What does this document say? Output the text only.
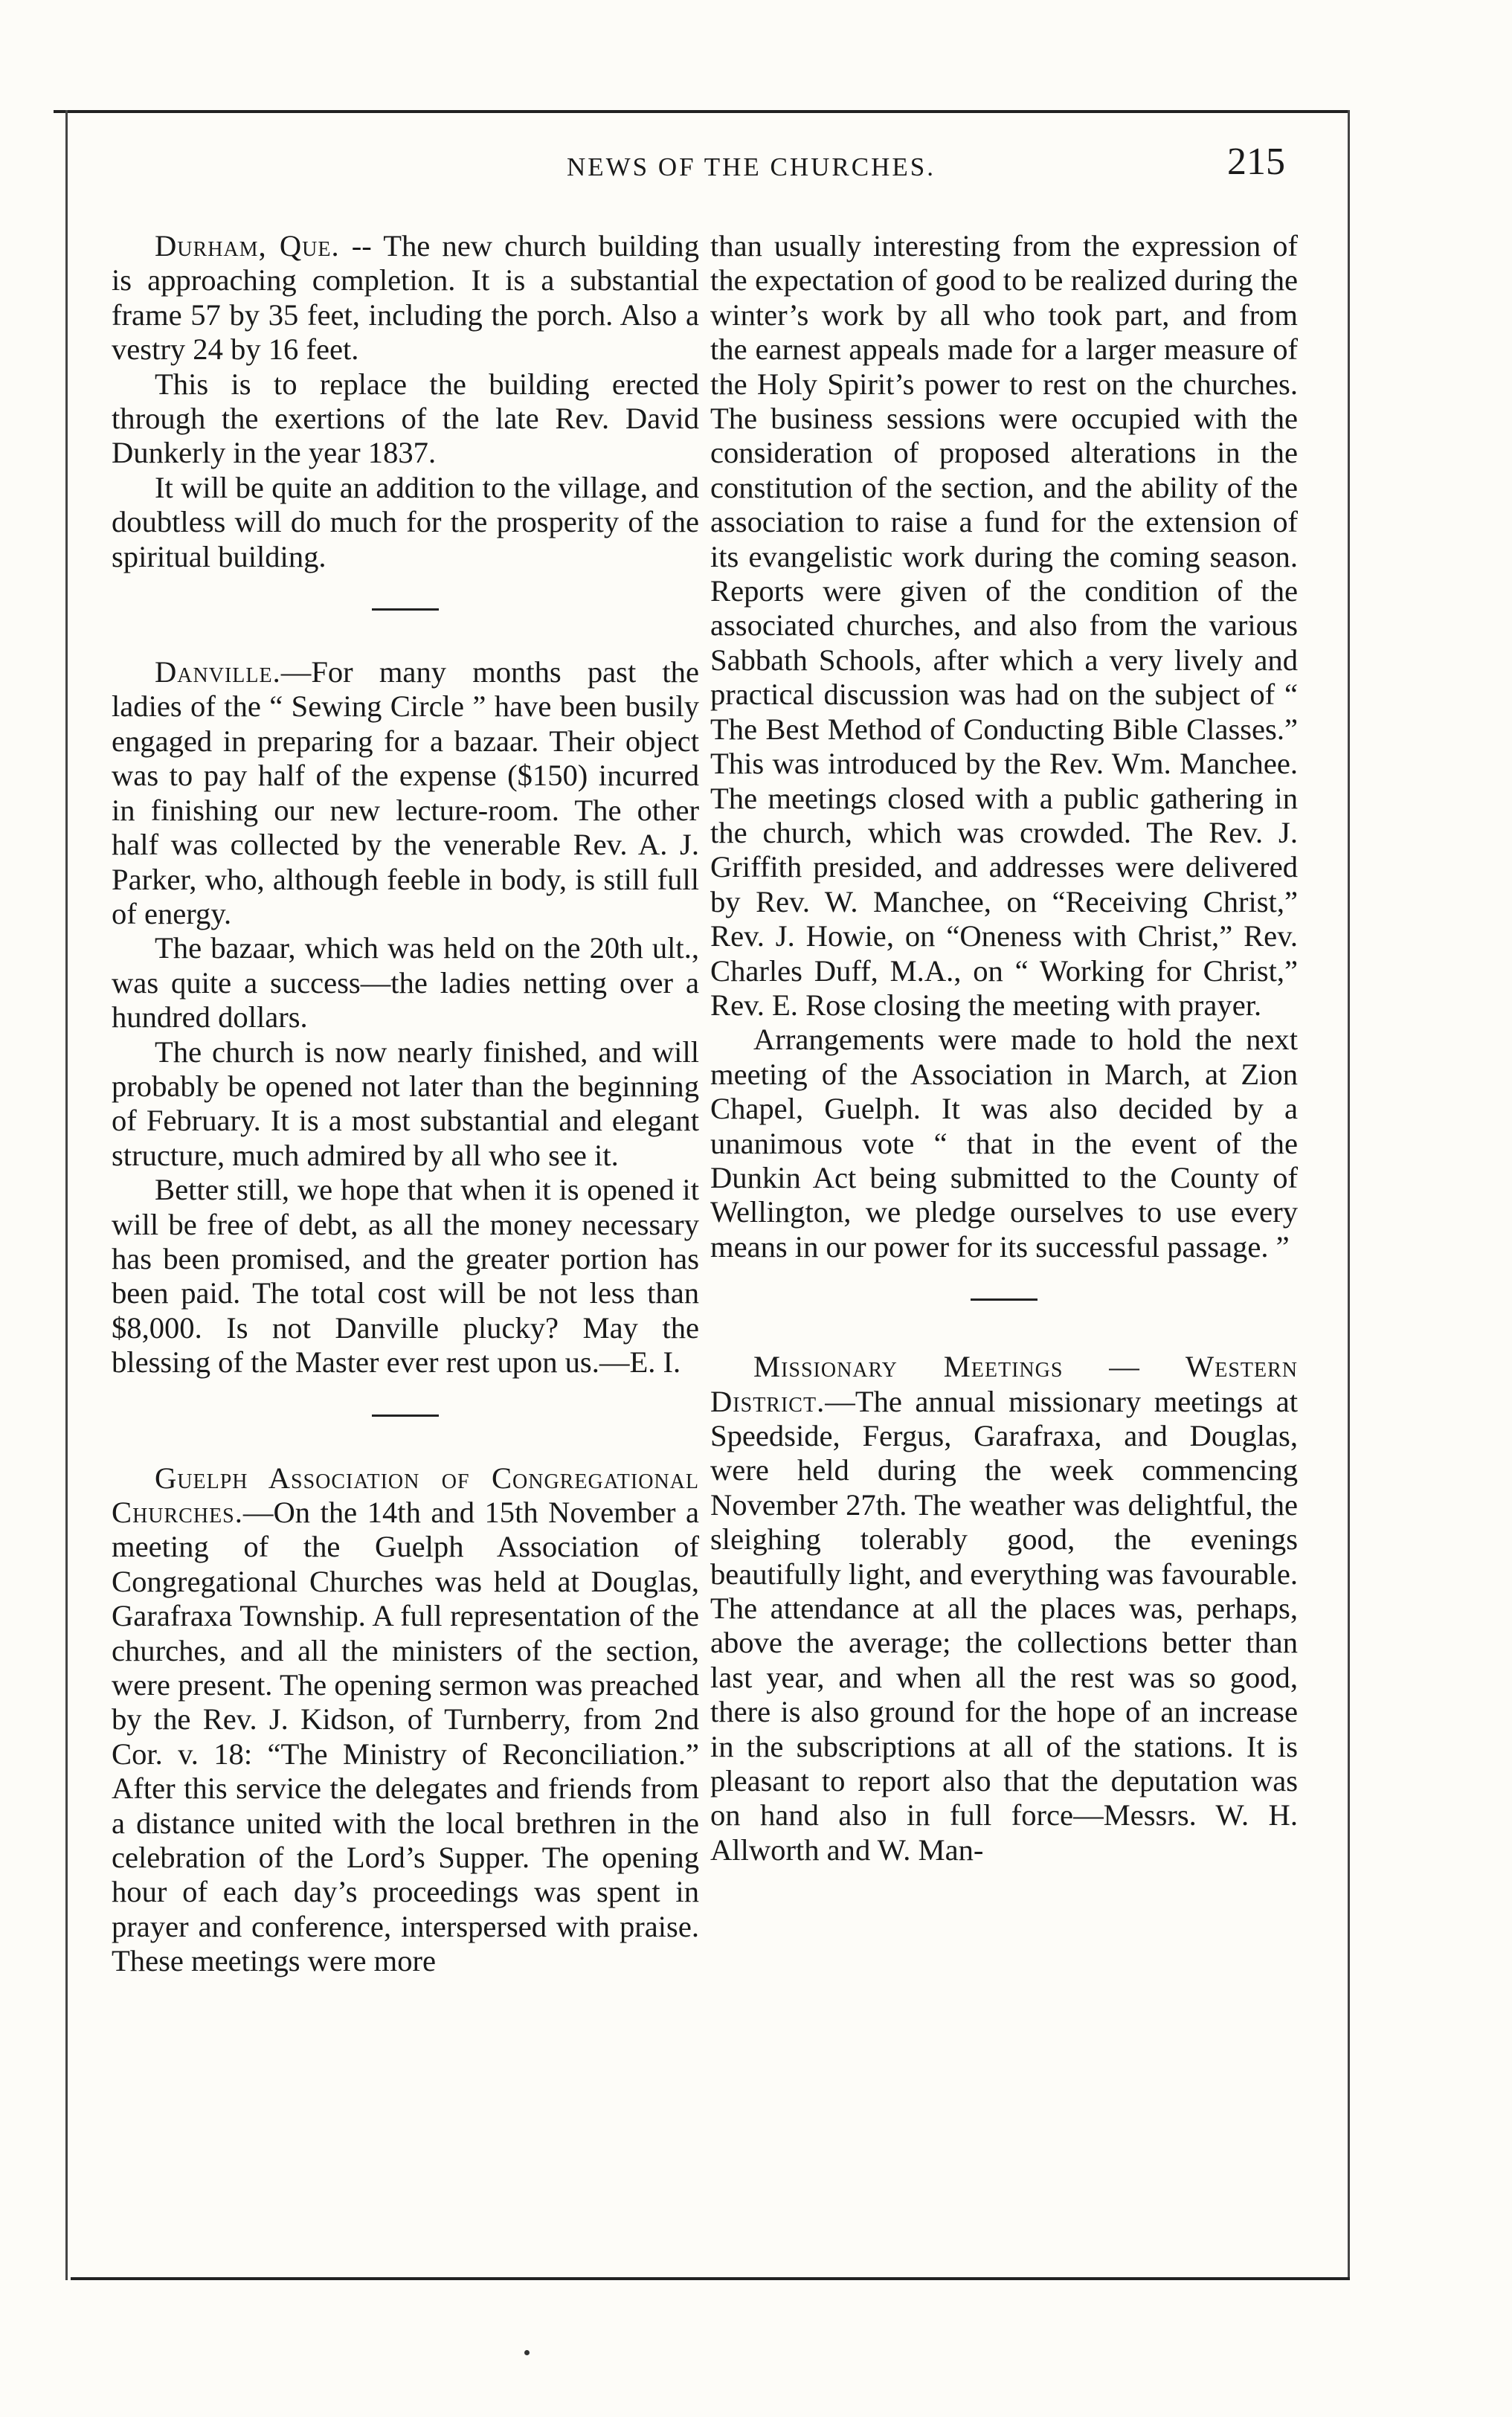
NEWS OF THE CHURCHES.	215

Durham, Que. -- The new church building is approaching completion. It is a substantial frame 57 by 35 feet, including the porch. Also a vestry 24 by 16 feet.

This is to replace the building erected through the exertions of the late Rev. David Dunkerly in the year 1837.

It will be quite an addition to the village, and doubtless will do much for the prosperity of the spiritual building.

Danville.—For many months past the ladies of the “ Sewing Circle ” have been busily engaged in preparing for a bazaar. Their object was to pay half of the expense ($150) incurred in finishing our new lecture-room. The other half was collected by the venerable Rev. A. J. Parker, who, although feeble in body, is still full of energy.

The bazaar, which was held on the 20th ult., was quite a success—the ladies netting over a hundred dollars.

The church is now nearly finished, and will probably be opened not later than the beginning of February. It is a most substantial and elegant structure, much admired by all who see it.

Better still, we hope that when it is opened it will be free of debt, as all the money necessary has been promised, and the greater portion has been paid. The total cost will be not less than $8,000. Is not Danville plucky? May the blessing of the Master ever rest upon us.—E. I.

Guelph Association of Congregational Churches.—On the 14th and 15th November a meeting of the Guelph Association of Congregational Churches was held at Douglas, Garafraxa Township. A full representation of the churches, and all the ministers of the section, were present. The opening sermon was preached by the Rev. J. Kidson, of Turnberry, from 2nd Cor. v. 18: “The Ministry of Reconciliation.” After this service the delegates and friends from a distance united with the local brethren in the celebration of the Lord’s Supper. The opening hour of each day’s proceedings was spent in prayer and conference, interspersed with praise. These meetings were more

than usually interesting from the expression of the expectation of good to be realized during the winter’s work by all who took part, and from the earnest appeals made for a larger measure of the Holy Spirit’s power to rest on the churches. The business sessions were occupied with the consideration of proposed alterations in the constitution of the section, and the ability of the association to raise a fund for the extension of its evangelistic work during the coming season. Reports were given of the condition of the associated churches, and also from the various Sabbath Schools, after which a very lively and practical discussion was had on the subject of “ The Best Method of Conducting Bible Classes.” This was introduced by the Rev. Wm. Manchee. The meetings closed with a public gathering in the church, which was crowded. The Rev. J. Griffith presided, and addresses were delivered by Rev. W. Manchee, on “Receiving Christ,” Rev. J. Howie, on “Oneness with Christ,” Rev. Charles Duff, M.A., on “ Working for Christ,” Rev. E. Rose closing the meeting with prayer.

Arrangements were made to hold the next meeting of the Association in March, at Zion Chapel, Guelph. It was also decided by a unanimous vote “ that in the event of the Dunkin Act being submitted to the County of Wellington, we pledge ourselves to use every means in our power for its successful passage. ”

Missionary Meetings — Western District.—The annual missionary meetings at Speedside, Fergus, Garafraxa, and Douglas, were held during the week commencing November 27th. The weather was delightful, the sleighing tolerably good, the evenings beautifully light, and everything was favourable. The attendance at all the places was, perhaps, above the average; the collections better than last year, and when all the rest was so good, there is also ground for the hope of an increase in the subscriptions at all of the stations. It is pleasant to report also that the deputation was on hand also in full force—Messrs. W. H. Allworth and W. Man-
